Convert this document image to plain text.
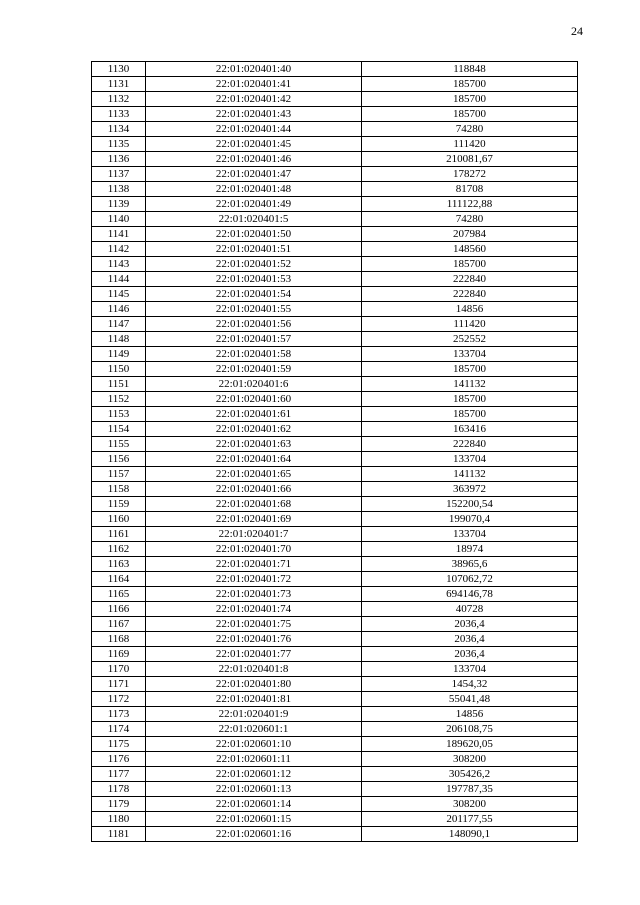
24
1130	22:01:020401:40	118848
1131	22:01:020401:41	185700
1132	22:01:020401:42	185700
1133	22:01:020401:43	185700
1134	22:01:020401:44	74280
1135	22:01:020401:45	111420
1136	22:01:020401:46	210081,67
1137	22:01:020401:47	178272
1138	22:01:020401:48	81708
1139	22:01:020401:49	111122,88
1140	22:01:020401:5	74280
1141	22:01:020401:50	207984
1142	22:01:020401:51	148560
1143	22:01:020401:52	185700
1144	22:01:020401:53	222840
1145	22:01:020401:54	222840
1146	22:01:020401:55	14856
1147	22:01:020401:56	111420
1148	22:01:020401:57	252552
1149	22:01:020401:58	133704
1150	22:01:020401:59	185700
1151	22:01:020401:6	141132
1152	22:01:020401:60	185700
1153	22:01:020401:61	185700
1154	22:01:020401:62	163416
1155	22:01:020401:63	222840
1156	22:01:020401:64	133704
1157	22:01:020401:65	141132
1158	22:01:020401:66	363972
1159	22:01:020401:68	152200,54
1160	22:01:020401:69	199070,4
1161	22:01:020401:7	133704
1162	22:01:020401:70	18974
1163	22:01:020401:71	38965,6
1164	22:01:020401:72	107062,72
1165	22:01:020401:73	694146,78
1166	22:01:020401:74	40728
1167	22:01:020401:75	2036,4
1168	22:01:020401:76	2036,4
1169	22:01:020401:77	2036,4
1170	22:01:020401:8	133704
1171	22:01:020401:80	1454,32
1172	22:01:020401:81	55041,48
1173	22:01:020401:9	14856
1174	22:01:020601:1	206108,75
1175	22:01:020601:10	189620,05
1176	22:01:020601:11	308200
1177	22:01:020601:12	305426,2
1178	22:01:020601:13	197787,35
1179	22:01:020601:14	308200
1180	22:01:020601:15	201177,55
1181	22:01:020601:16	148090,1
